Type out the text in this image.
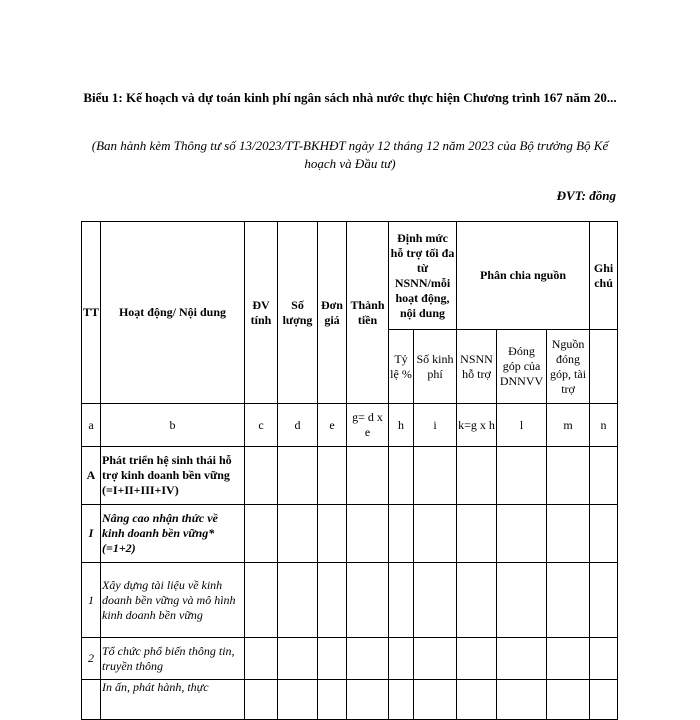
Biểu 1: Kế hoạch và dự toán kinh phí ngân sách nhà nước thực hiện Chương trình 167 năm 20...
(Ban hành kèm Thông tư số 13/2023/TT-BKHĐT ngày 12 tháng 12 năm 2023 của Bộ trưởng Bộ Kế hoạch và Đầu tư)
ĐVT: đồng
TT	Hoạt động/ Nội dung	ĐV tính	Số lượng	Đơn giá	Thành tiền	Định mức hỗ trợ tối đa từ NSNN/mỗi hoạt động, nội dung		Phân chia nguồn			Ghi chú
						Tỷ lệ %	Số kinh phí	NSNN hỗ trợ	Đóng góp của DNNVV	Nguồn đóng góp, tài trợ	
a	b	c	d	e	g= d x e	h	i	k=g x h	l	m	n
A	Phát triển hệ sinh thái hỗ trợ kinh doanh bền vững (=I+II+III+IV)										
I	Nâng cao nhận thức về kinh doanh bền vững*(=1+2)										
1	Xây dựng tài liệu về kinh doanh bền vững và mô hình kinh doanh bền vững										
2	Tổ chức phổ biến thông tin, truyền thông										
	In ấn, phát hành, thực										
